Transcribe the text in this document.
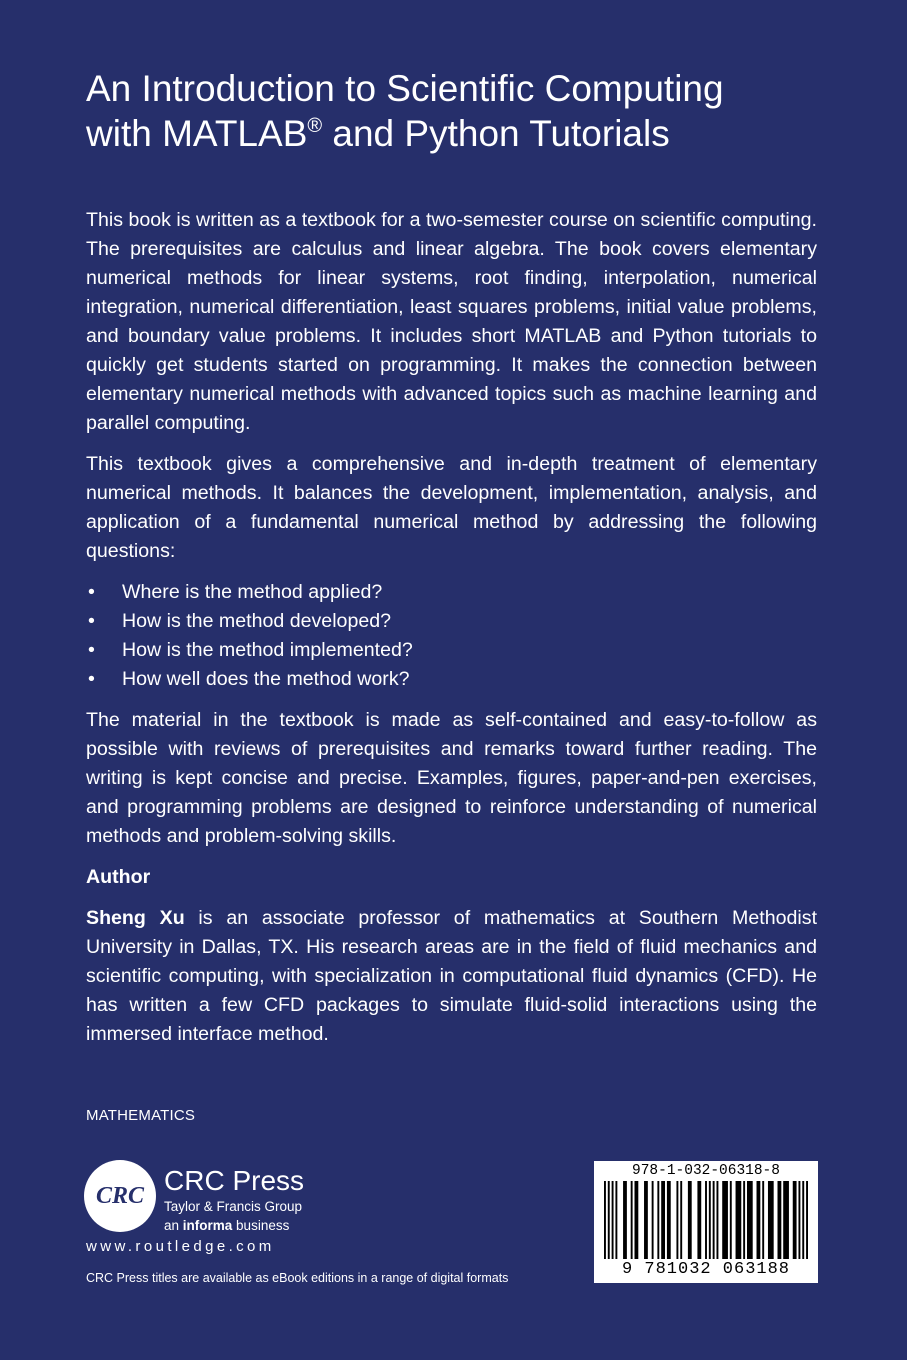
An Introduction to Scientific Computing
with MATLAB® and Python Tutorials

This book is written as a textbook for a two-semester course on scientific computing. The prerequisites are calculus and linear algebra. The book covers elementary numerical methods for linear systems, root finding, interpolation, numerical integration, numerical differentiation, least squares problems, initial value problems, and boundary value problems. It includes short MATLAB and Python tutorials to quickly get students started on programming. It makes the connection between elementary numerical methods with advanced topics such as machine learning and parallel computing.

This textbook gives a comprehensive and in-depth treatment of elementary numerical methods. It balances the development, implementation, analysis, and application of a fundamental numerical method by addressing the following questions:

• Where is the method applied?
• How is the method developed?
• How is the method implemented?
• How well does the method work?

The material in the textbook is made as self-contained and easy-to-follow as possible with reviews of prerequisites and remarks toward further reading. The writing is kept concise and precise. Examples, figures, paper-and-pen exercises, and programming problems are designed to reinforce understanding of numerical methods and problem-solving skills.

Author

Sheng Xu is an associate professor of mathematics at Southern Methodist University in Dallas, TX. His research areas are in the field of fluid mechanics and scientific computing, with specialization in computational fluid dynamics (CFD). He has written a few CFD packages to simulate fluid-solid interactions using the immersed interface method.

MATHEMATICS
CRC CRC Press
Taylor & Francis Group
an informa business
www.routledge.com
CRC Press titles are available as eBook editions in a range of digital formats
978-1-032-06318-8
9 781032 063188
